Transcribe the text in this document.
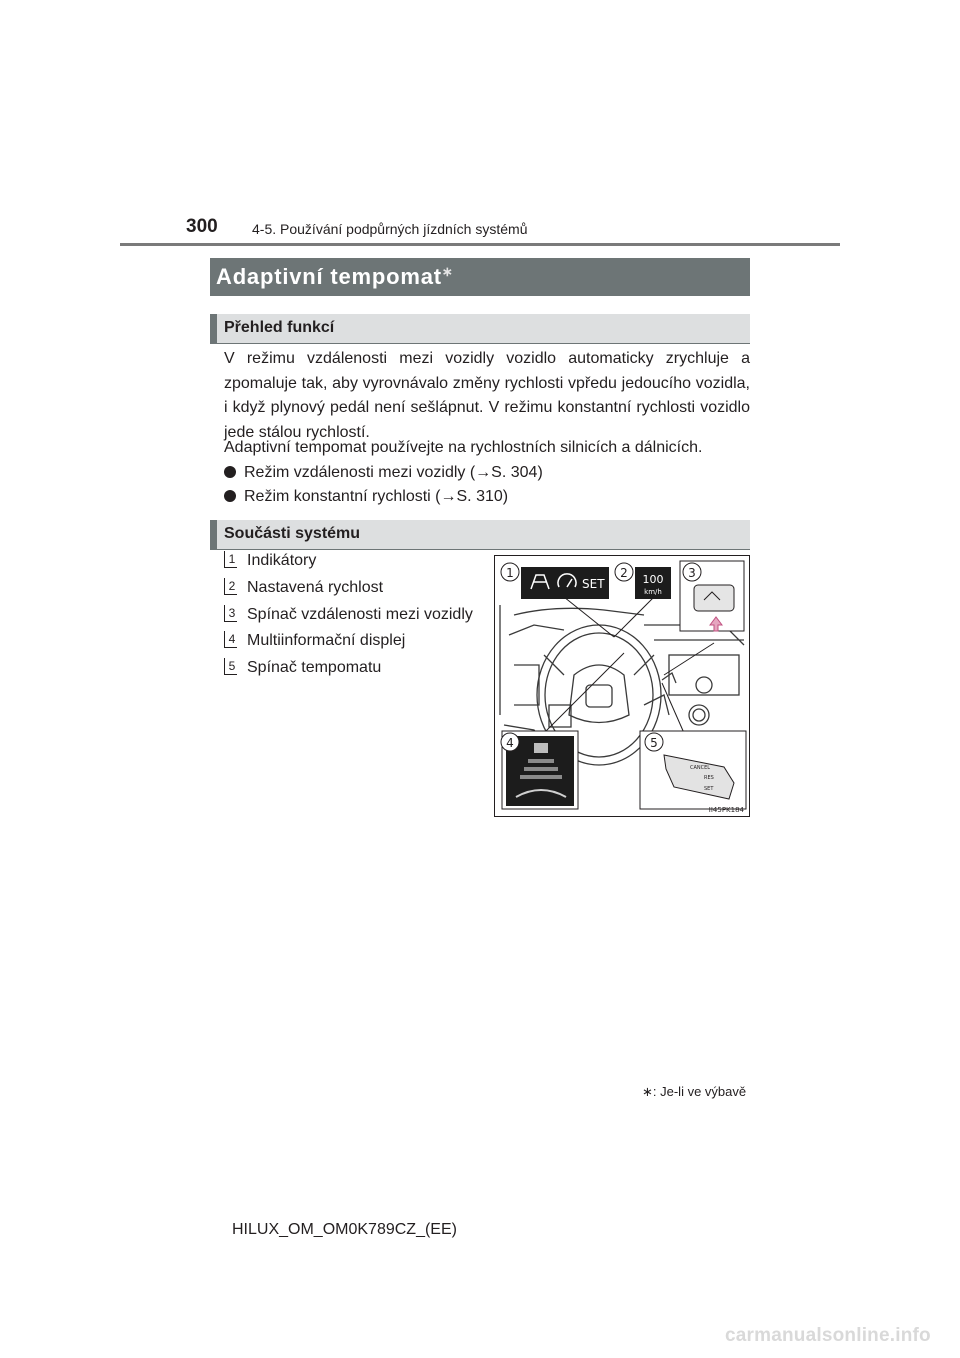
300 4-5. Používání podpůrných jízdních systémů
Adaptivní tempomat ∗
Přehled funkcí
V režimu vzdálenosti mezi vozidly vozidlo automaticky zrychluje a zpomaluje tak, aby vyrovnávalo změny rychlosti vpředu jedoucího vozidla, i když plynový pedál není sešlápnut. V režimu konstantní rychlosti vozidlo jede stálou rychlostí.
Adaptivní tempomat používejte na rychlostních silnicích a dálnicích.
Režim vzdálenosti mezi vozidly (→S. 304)
Režim konstantní rychlosti (→S. 310)
Součásti systému
1 Indikátory
2 Nastavená rychlost
3 Spínač vzdálenosti mezi vozidly
4 Multiinformační displej
5 Spínač tempomatu
SET	100
km/h
CANCEL
RES
SET
1	2	3
4	5
II45PK184
∗: Je-li ve výbavě
HILUX_OM_OM0K789CZ_(EE)
carmanualsonline.info
